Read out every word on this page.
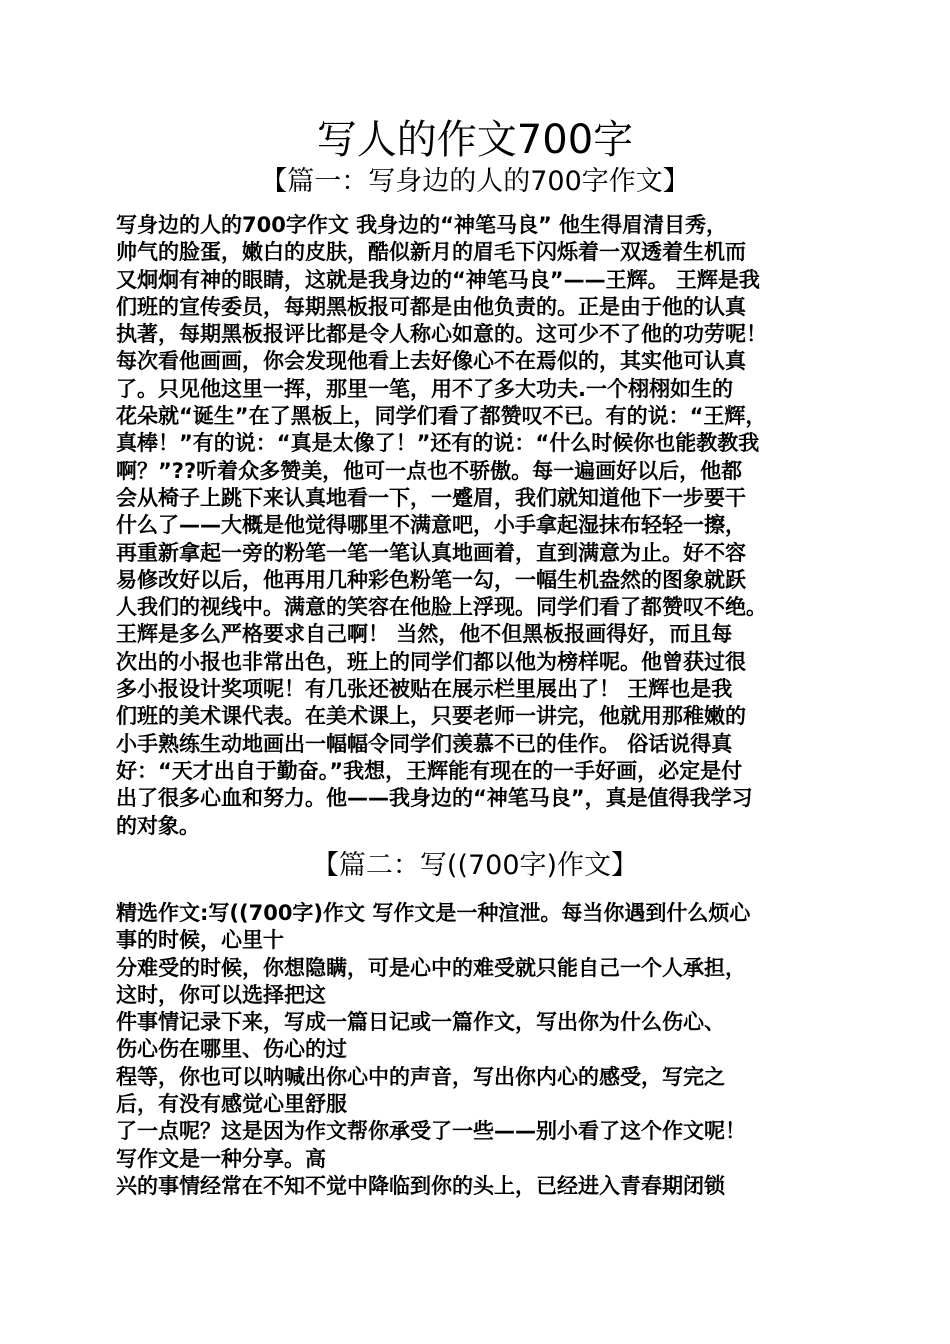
写人的作文700字
【篇一：写身边的人的700字作文】
写身边的人的700字作文 我身边的“神笔马良” 他生得眉清目秀，
帅气的脸蛋，嫩白的皮肤，酷似新月的眉毛下闪烁着一双透着生机而
又炯炯有神的眼睛，这就是我身边的“神笔马良”——王辉。 王辉是我
们班的宣传委员，每期黑板报可都是由他负责的。正是由于他的认真
执著，每期黑板报评比都是令人称心如意的。这可少不了他的功劳呢！
每次看他画画，你会发现他看上去好像心不在焉似的，其实他可认真
了。只见他这里一挥，那里一笔，用不了多大功夫.一个栩栩如生的
花朵就“诞生”在了黑板上，同学们看了都赞叹不已。有的说：“王辉，
真棒！”有的说：“真是太像了！”还有的说：“什么时候你也能教教我
啊？”??听着众多赞美，他可一点也不骄傲。每一遍画好以后，他都
会从椅子上跳下来认真地看一下，一蹙眉，我们就知道他下一步要干
什么了——大概是他觉得哪里不满意吧，小手拿起湿抹布轻轻一擦，
再重新拿起一旁的粉笔一笔一笔认真地画着，直到满意为止。好不容
易修改好以后，他再用几种彩色粉笔一勾，一幅生机盎然的图象就跃
人我们的视线中。满意的笑容在他脸上浮现。同学们看了都赞叹不绝。
王辉是多么严格要求自己啊！ 当然，他不但黑板报画得好，而且每
次出的小报也非常出色，班上的同学们都以他为榜样呢。他曾获过很
多小报设计奖项呢！有几张还被贴在展示栏里展出了！ 王辉也是我
们班的美术课代表。在美术课上，只要老师一讲完，他就用那稚嫩的
小手熟练生动地画出一幅幅令同学们羡慕不已的佳作。 俗话说得真
好：“天才出自于勤奋。”我想，王辉能有现在的一手好画，必定是付
出了很多心血和努力。他——我身边的“神笔马良”，真是值得我学习
的对象。
【篇二：写((700字)作文】
精选作文:写((700字)作文 写作文是一种渲泄。每当你遇到什么烦心
事的时候，心里十
分难受的时候，你想隐瞒，可是心中的难受就只能自己一个人承担，
这时，你可以选择把这
件事情记录下来，写成一篇日记或一篇作文，写出你为什么伤心、
伤心伤在哪里、伤心的过
程等，你也可以呐喊出你心中的声音，写出你内心的感受，写完之
后，有没有感觉心里舒服
了一点呢？这是因为作文帮你承受了一些——别小看了这个作文呢！
写作文是一种分享。高
兴的事情经常在不知不觉中降临到你的头上，已经进入青春期闭锁
